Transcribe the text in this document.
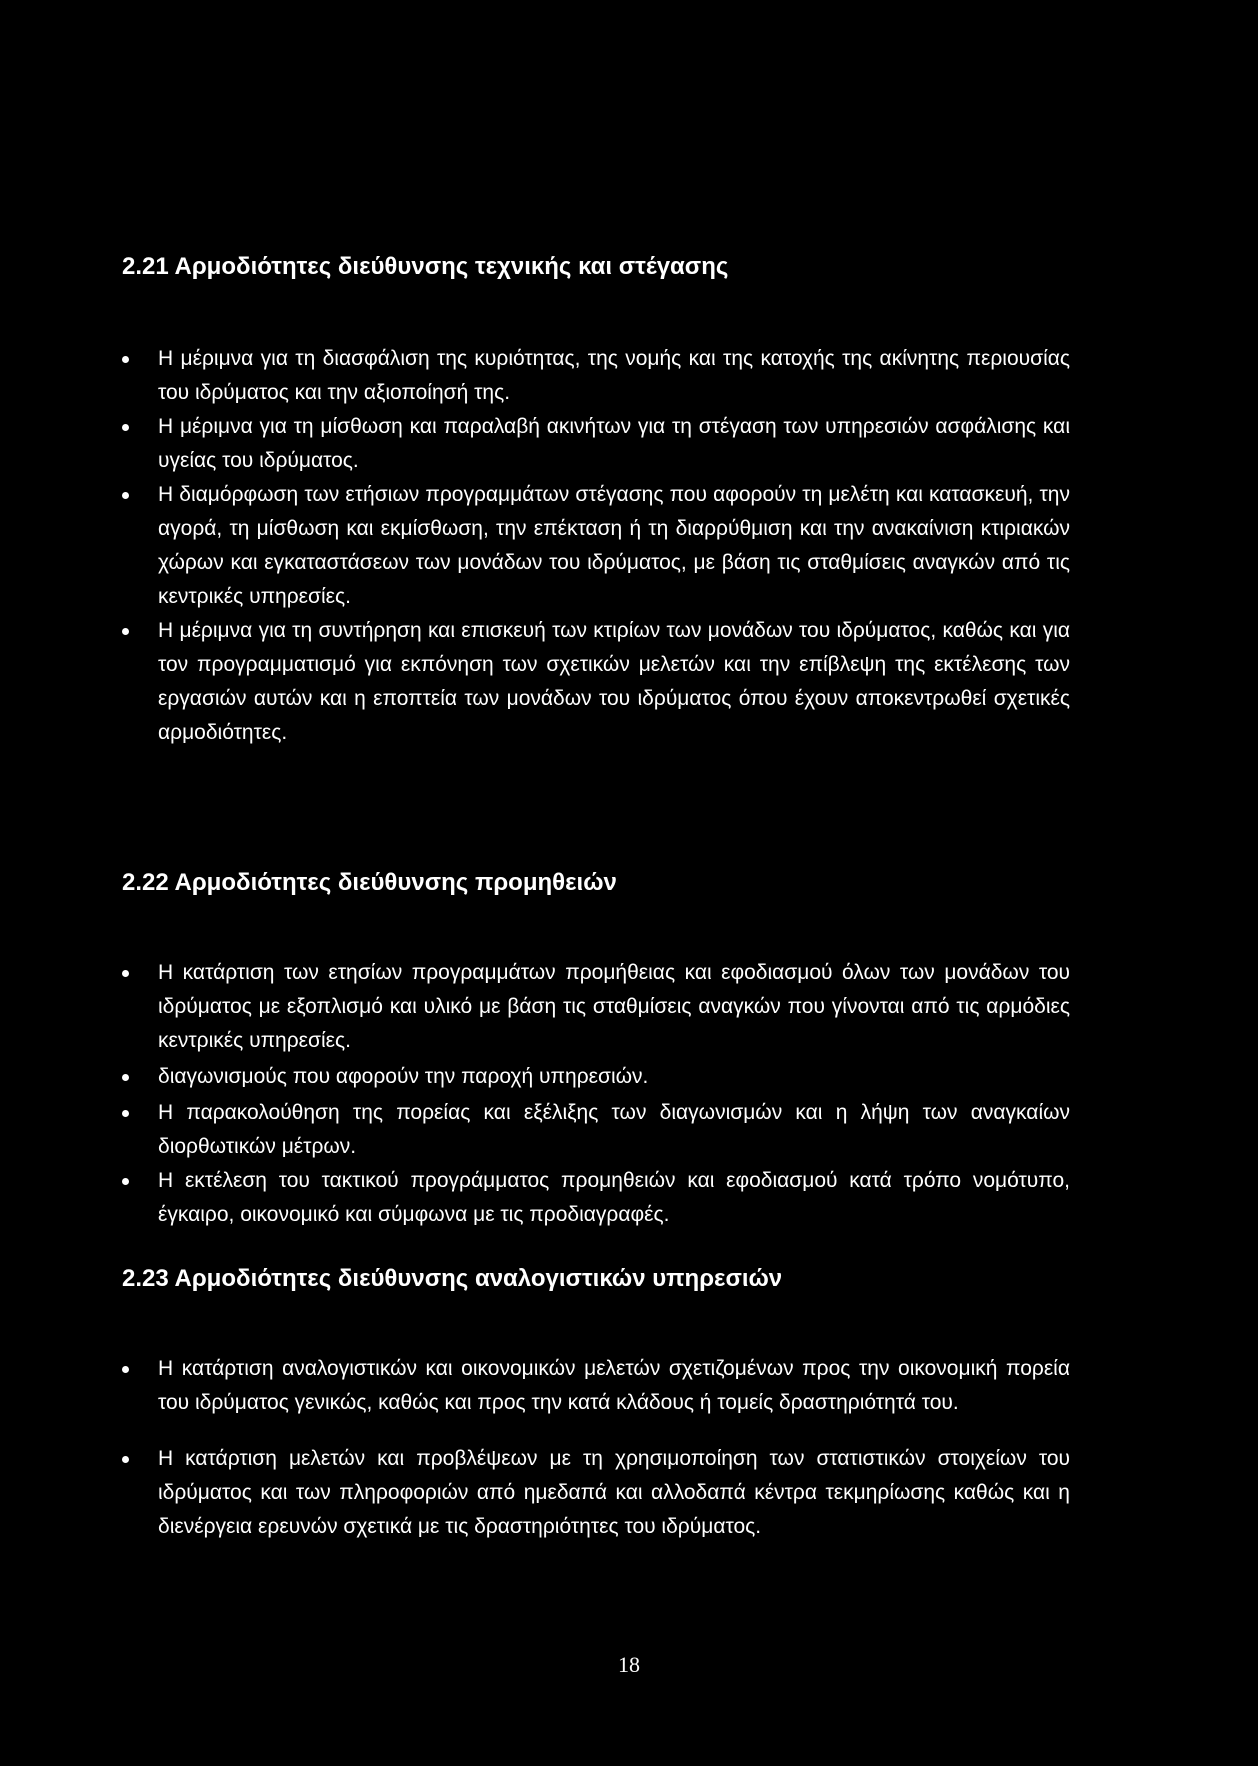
2.21 Αρμοδιότητες διεύθυνσης τεχνικής και στέγασης
Η μέριμνα για τη διασφάλιση της κυριότητας, της νομής και της κατοχής της ακίνητης περιουσίας του ιδρύματος και την αξιοποίησή της.
Η μέριμνα για τη μίσθωση και παραλαβή ακινήτων για τη στέγαση των υπηρεσιών ασφάλισης και υγείας του ιδρύματος.
Η διαμόρφωση των ετήσιων προγραμμάτων στέγασης που αφορούν τη μελέτη και κατασκευή, την αγορά, τη μίσθωση και εκμίσθωση, την επέκταση ή τη διαρρύθμιση και την ανακαίνιση κτιριακών χώρων και εγκαταστάσεων των μονάδων του ιδρύματος, με βάση τις σταθμίσεις αναγκών από τις κεντρικές υπηρεσίες.
Η μέριμνα για τη συντήρηση και επισκευή των κτιρίων των μονάδων του ιδρύματος, καθώς και για τον προγραμματισμό για εκπόνηση των σχετικών μελετών και την επίβλεψη της εκτέλεσης των εργασιών αυτών και η εποπτεία των μονάδων του ιδρύματος όπου έχουν αποκεντρωθεί σχετικές αρμοδιότητες.
2.22 Αρμοδιότητες διεύθυνσης προμηθειών
Η κατάρτιση των ετησίων προγραμμάτων προμήθειας και εφοδιασμού όλων των μονάδων του ιδρύματος με εξοπλισμό και υλικό με βάση τις σταθμίσεις αναγκών που γίνονται από τις αρμόδιες κεντρικές υπηρεσίες.
διαγωνισμούς που αφορούν την παροχή υπηρεσιών.
Η παρακολούθηση της πορείας και εξέλιξης των διαγωνισμών και η λήψη των αναγκαίων διορθωτικών μέτρων.
Η εκτέλεση του τακτικού προγράμματος προμηθειών και εφοδιασμού κατά τρόπο νομότυπο, έγκαιρο, οικονομικό και σύμφωνα με τις προδιαγραφές.
2.23 Αρμοδιότητες διεύθυνσης αναλογιστικών υπηρεσιών
Η κατάρτιση αναλογιστικών και οικονομικών μελετών σχετιζομένων προς την οικονομική πορεία του ιδρύματος γενικώς, καθώς και προς την κατά κλάδους ή τομείς δραστηριότητά του.
Η κατάρτιση μελετών και προβλέψεων με τη χρησιμοποίηση των στατιστικών στοιχείων του ιδρύματος και των πληροφοριών από ημεδαπά και αλλοδαπά κέντρα τεκμηρίωσης καθώς και η διενέργεια ερευνών σχετικά με τις δραστηριότητες του ιδρύματος.
18
